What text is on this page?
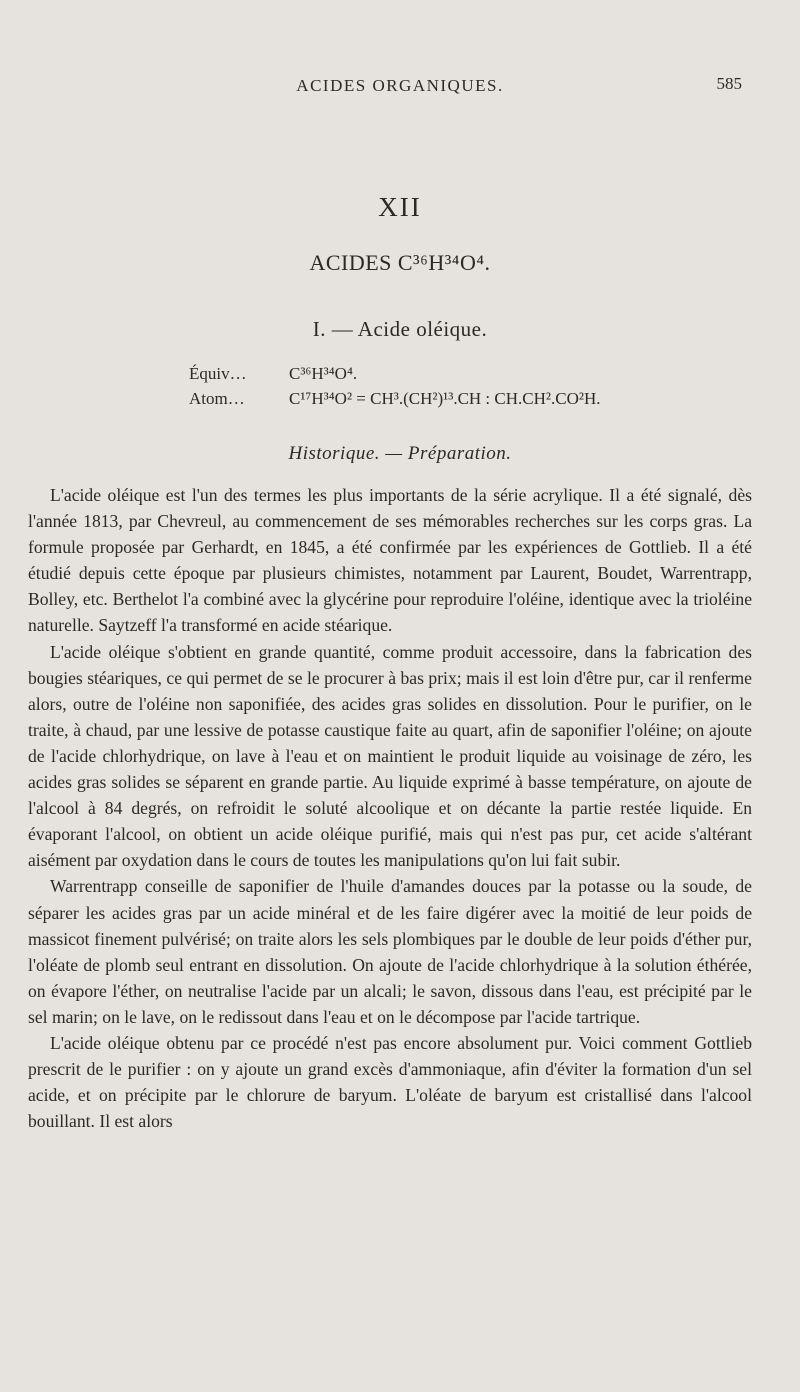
ACIDES ORGANIQUES.	585
XII
ACIDES C³⁶H³⁴O⁴.
I. — Acide oléique.
Équiv… C³⁶H³⁴O⁴.
Atom…	C¹⁷H³⁴O² = CH³.(CH²)¹³.CH : CH.CH².CO²H.
Historique. — Préparation.

L'acide oléique est l'un des termes les plus importants de la série acrylique. Il a été signalé, dès l'année 1813, par Chevreul, au commencement de ses mémorables recherches sur les corps gras. La formule proposée par Gerhardt, en 1845, a été confirmée par les expériences de Gottlieb. Il a été étudié depuis cette époque par plusieurs chimistes, notamment par Laurent, Boudet, Warrentrapp, Bolley, etc. Berthelot l'a combiné avec la glycérine pour reproduire l'oléine, identique avec la trioléine naturelle. Saytzeff l'a transformé en acide stéarique.

L'acide oléique s'obtient en grande quantité, comme produit accessoire, dans la fabrication des bougies stéariques, ce qui permet de se le procurer à bas prix; mais il est loin d'être pur, car il renferme alors, outre de l'oléine non saponifiée, des acides gras solides en dissolution. Pour le purifier, on le traite, à chaud, par une lessive de potasse caustique faite au quart, afin de saponifier l'oléine; on ajoute de l'acide chlorhydrique, on lave à l'eau et on maintient le produit liquide au voisinage de zéro, les acides gras solides se séparent en grande partie. Au liquide exprimé à basse température, on ajoute de l'alcool à 84 degrés, on refroidit le soluté alcoolique et on décante la partie restée liquide. En évaporant l'alcool, on obtient un acide oléique purifié, mais qui n'est pas pur, cet acide s'altérant aisément par oxydation dans le cours de toutes les manipulations qu'on lui fait subir.

Warrentrapp conseille de saponifier de l'huile d'amandes douces par la potasse ou la soude, de séparer les acides gras par un acide minéral et de les faire digérer avec la moitié de leur poids de massicot finement pulvérisé; on traite alors les sels plombiques par le double de leur poids d'éther pur, l'oléate de plomb seul entrant en dissolution. On ajoute de l'acide chlorhydrique à la solution éthérée, on évapore l'éther, on neutralise l'acide par un alcali; le savon, dissous dans l'eau, est précipité par le sel marin; on le lave, on le redissout dans l'eau et on le décompose par l'acide tartrique.

L'acide oléique obtenu par ce procédé n'est pas encore absolument pur. Voici comment Gottlieb prescrit de le purifier : on y ajoute un grand excès d'ammoniaque, afin d'éviter la formation d'un sel acide, et on précipite par le chlorure de baryum. L'oléate de baryum est cristallisé dans l'alcool bouillant. Il est alors
